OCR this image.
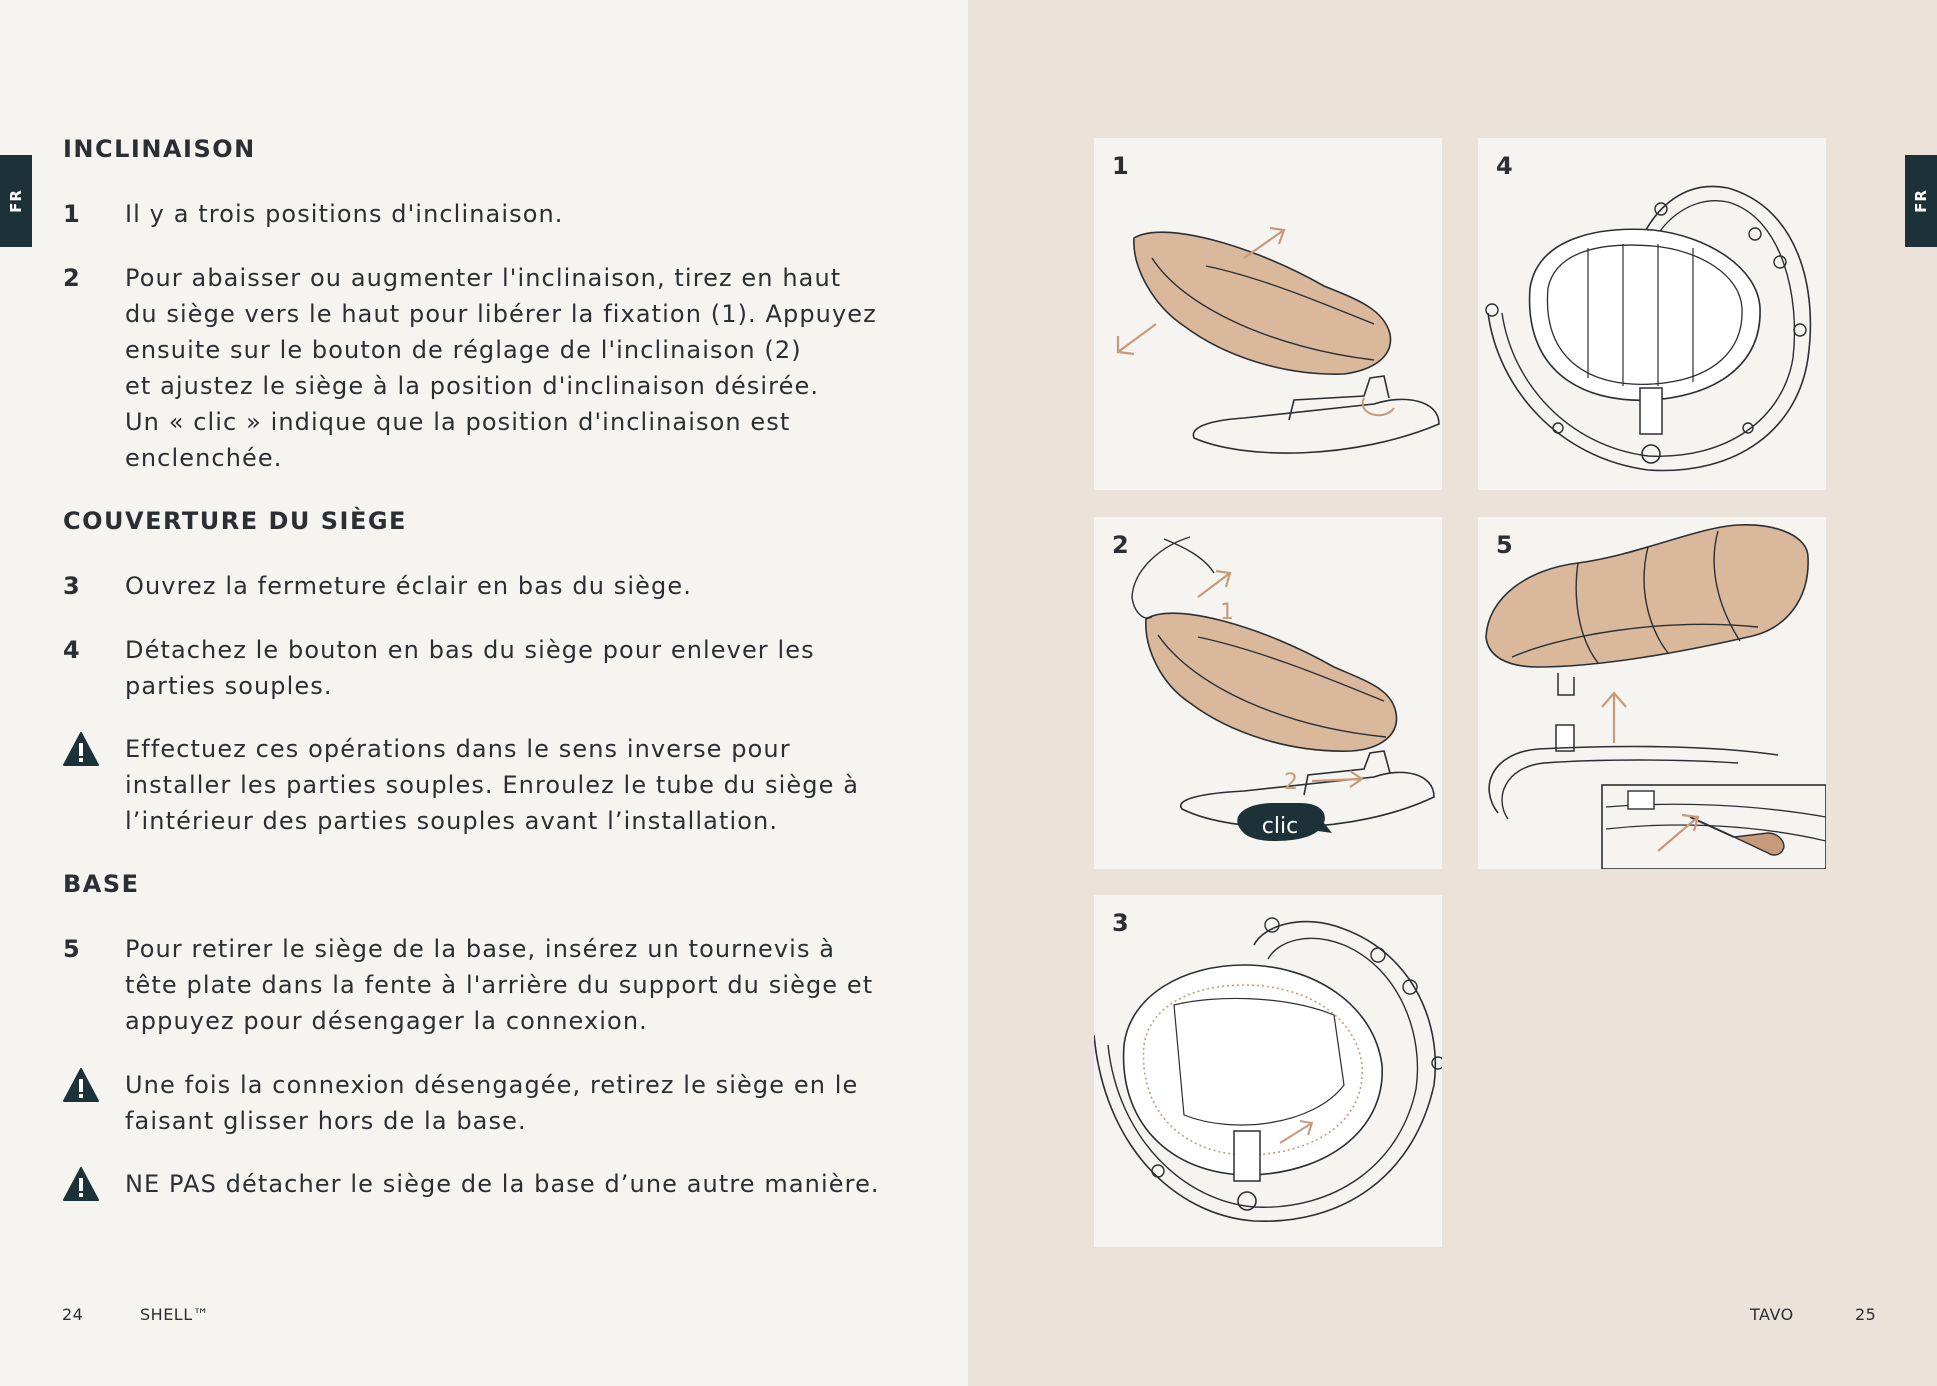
FR
INCLINAISON
1	Il y a trois positions d'inclinaison.
2	Pour abaisser ou augmenter l'inclinaison, tirez en haut
du siège vers le haut pour libérer la fixation (1). Appuyez
ensuite sur le bouton de réglage de l'inclinaison (2)
et ajustez le siège à la position d'inclinaison désirée.
Un « clic » indique que la position d'inclinaison est
enclenchée.
COUVERTURE DU SIÈGE
3	Ouvrez la fermeture éclair en bas du siège.
4	Détachez le bouton en bas du siège pour enlever les
parties souples.
Effectuez ces opérations dans le sens inverse pour
installer les parties souples. Enroulez le tube du siège à
l’intérieur des parties souples avant l’installation.
BASE
5	Pour retirer le siège de la base, insérez un tournevis à
tête plate dans la fente à l'arrière du support du siège et
appuyez pour désengager la connexion.
Une fois la connexion désengagée, retirez le siège en le
faisant glisser hors de la base.
NE PAS détacher le siège de la base d’une autre manière.
24	SHELL™
FR
1	4
1
2
clic
2	5
3
TAVO	25
